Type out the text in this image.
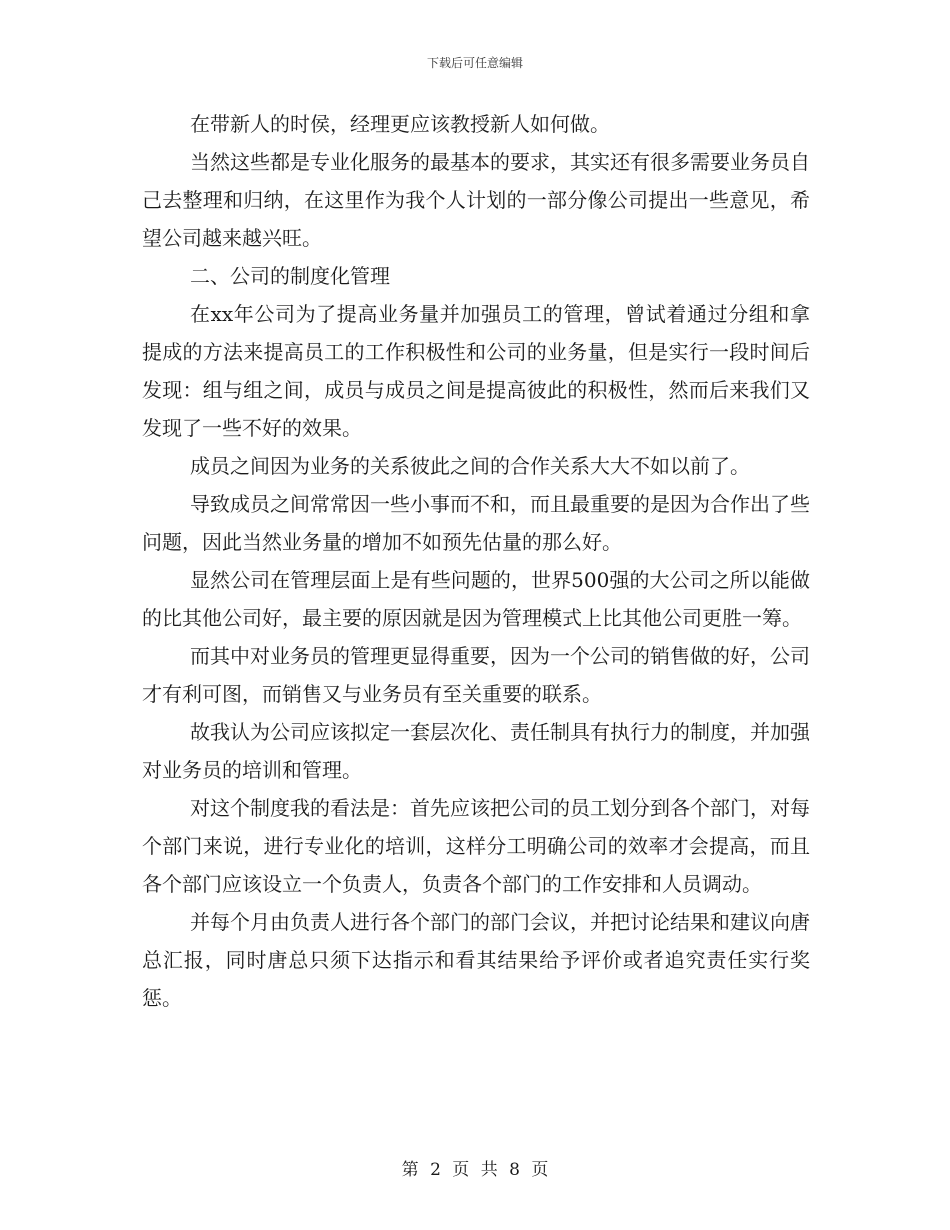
下载后可任意编辑

在带新人的时侯，经理更应该教授新人如何做。

当然这些都是专业化服务的最基本的要求，其实还有很多需要业务员自己去整理和归纳，在这里作为我个人计划的一部分像公司提出一些意见，希望公司越来越兴旺。

二、公司的制度化管理

在xx年公司为了提高业务量并加强员工的管理，曾试着通过分组和拿提成的方法来提高员工的工作积极性和公司的业务量，但是实行一段时间后发现：组与组之间，成员与成员之间是提高彼此的积极性，然而后来我们又发现了一些不好的效果。

成员之间因为业务的关系彼此之间的合作关系大大不如以前了。

导致成员之间常常因一些小事而不和，而且最重要的是因为合作出了些问题，因此当然业务量的增加不如预先估量的那么好。

显然公司在管理层面上是有些问题的，世界500强的大公司之所以能做的比其他公司好，最主要的原因就是因为管理模式上比其他公司更胜一筹。

而其中对业务员的管理更显得重要，因为一个公司的销售做的好，公司才有利可图，而销售又与业务员有至关重要的联系。

故我认为公司应该拟定一套层次化、责任制具有执行力的制度，并加强对业务员的培训和管理。

对这个制度我的看法是：首先应该把公司的员工划分到各个部门，对每个部门来说，进行专业化的培训，这样分工明确公司的效率才会提高，而且各个部门应该设立一个负责人，负责各个部门的工作安排和人员调动。

并每个月由负责人进行各个部门的部门会议，并把讨论结果和建议向唐总汇报，同时唐总只须下达指示和看其结果给予评价或者追究责任实行奖惩。

第 2 页 共 8 页
